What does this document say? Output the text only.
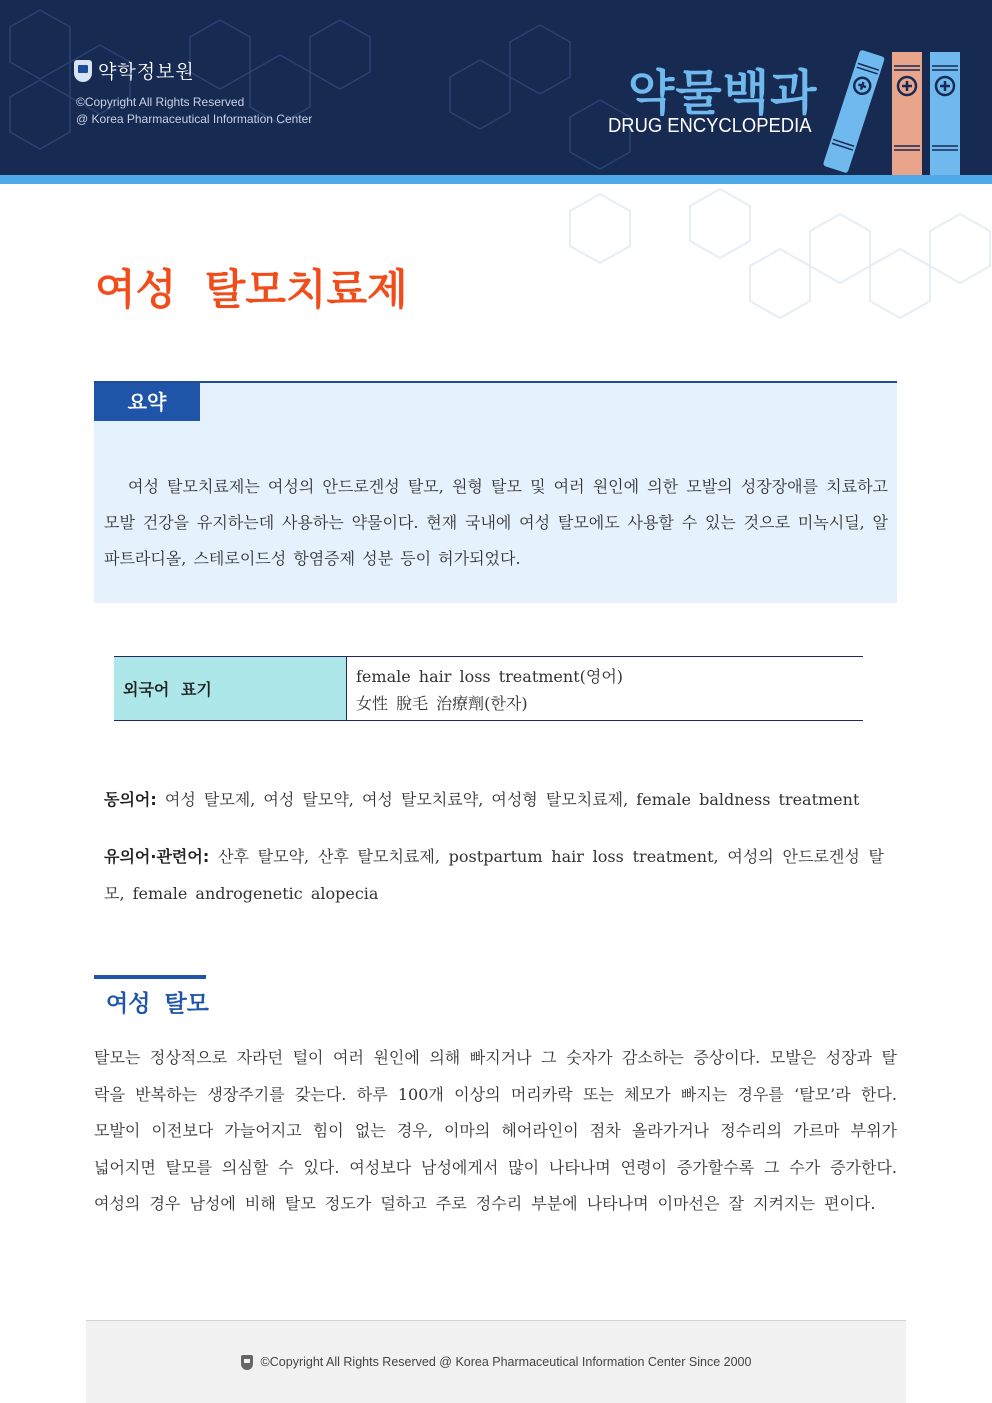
약학정보원
©Copyright All Rights Reserved
@ Korea Pharmaceutical Information Center	약물백과
DRUG ENCYCLOPEDIA
여성 탈모치료제
요약

여성 탈모치료제는 여성의 안드로겐성 탈모, 원형 탈모 및 여러 원인에 의한 모발의 성장장애를 치료하고 모발 건강을 유지하는데 사용하는 약물이다. 현재 국내에 여성 탈모에도 사용할 수 있는 것으로 미녹시딜, 알파트라디올, 스테로이드성 항염증제 성분 등이 허가되었다.

외국어 표기
female hair loss treatment(영어)
女性 脫毛 治療劑(한자)

동의어: 여성 탈모제, 여성 탈모약, 여성 탈모치료약, 여성형 탈모치료제, female baldness treatment

유의어·관련어: 산후 탈모약, 산후 탈모치료제, postpartum hair loss treatment, 여성의 안드로겐성 탈모, female androgenetic alopecia

여성 탈모

탈모는 정상적으로 자라던 털이 여러 원인에 의해 빠지거나 그 숫자가 감소하는 증상이다. 모발은 성장과 탈락을 반복하는 생장주기를 갖는다. 하루 100개 이상의 머리카락 또는 체모가 빠지는 경우를 ‘탈모’라 한다. 모발이 이전보다 가늘어지고 힘이 없는 경우, 이마의 헤어라인이 점차 올라가거나 정수리의 가르마 부위가 넓어지면 탈모를 의심할 수 있다. 여성보다 남성에게서 많이 나타나며 연령이 증가할수록 그 수가 증가한다. 여성의 경우 남성에 비해 탈모 정도가 덜하고 주로 정수리 부분에 나타나며 이마선은 잘 지켜지는 편이다.

©Copyright All Rights Reserved @ Korea Pharmaceutical Information Center Since 2000
